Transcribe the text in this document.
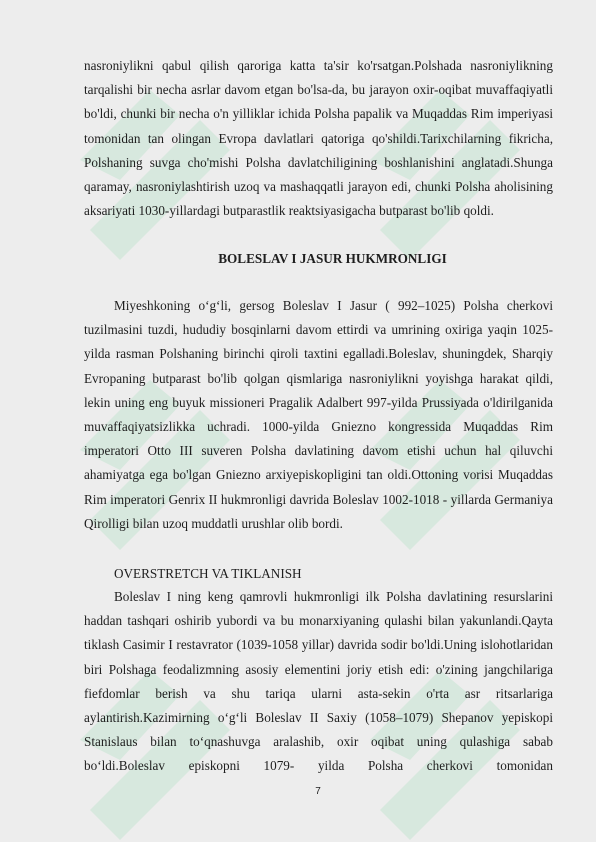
nasroniylikni qabul qilish qaroriga katta ta'sir ko'rsatgan.Polshada nasroniylikning tarqalishi bir necha asrlar davom etgan bo'lsa-da, bu jarayon oxir-oqibat muvaffaqiyatli bo'ldi, chunki bir necha o'n yilliklar ichida Polsha papalik va Muqaddas Rim imperiyasi tomonidan tan olingan Evropa davlatlari qatoriga qo'shildi.Tarixchilarning fikricha, Polshaning suvga cho'mishi Polsha davlatchiligining boshlanishini anglatadi.Shunga qaramay, nasroniylashtirish uzoq va mashaqqatli jarayon edi, chunki Polsha aholisining aksariyati 1030-yillardagi butparastlik reaktsiyasigacha butparast bo'lib qoldi.

BOLESLAV I JASUR HUKMRONLIGI

Miyeshkoning o‘g‘li, gersog Boleslav I Jasur ( 992–1025) Polsha cherkovi tuzilmasini tuzdi, hududiy bosqinlarni davom ettirdi va umrining oxiriga yaqin 1025-yilda rasman Polshaning birinchi qiroli taxtini egalladi.Boleslav, shuningdek, Sharqiy Evropaning butparast bo'lib qolgan qismlariga nasroniylikni yoyishga harakat qildi, lekin uning eng buyuk missioneri Pragalik Adalbert 997-yilda Prussiyada o'ldirilganida muvaffaqiyatsizlikka uchradi. 1000-yilda Gniezno kongressida Muqaddas Rim imperatori Otto III suveren Polsha davlatining davom etishi uchun hal qiluvchi ahamiyatga ega bo'lgan Gniezno arxiyepiskopligini tan oldi.Ottoning vorisi Muqaddas Rim imperatori Genrix II hukmronligi davrida Boleslav 1002-1018 - yillarda Germaniya Qirolligi bilan uzoq muddatli urushlar olib bordi.

OVERSTRETCH VA TIKLANISH

Boleslav I ning keng qamrovli hukmronligi ilk Polsha davlatining resurslarini haddan tashqari oshirib yubordi va bu monarxiyaning qulashi bilan yakunlandi.Qayta tiklash Casimir I restavrator (1039-1058 yillar) davrida sodir bo'ldi.Uning islohotlaridan biri Polshaga feodalizmning asosiy elementini joriy etish edi: o'zining jangchilariga fiefdomlar berish va shu tariqa ularni asta-sekin o'rta asr ritsarlariga aylantirish.Kazimirning o‘g‘li Boleslav II Saxiy (1058–1079) Shepanov yepiskopi Stanislaus bilan to‘qnashuvga aralashib, oxir oqibat uning qulashiga sabab bo‘ldi.Boleslav episkopni 1079- yilda Polsha cherkovi tomonidan

7
